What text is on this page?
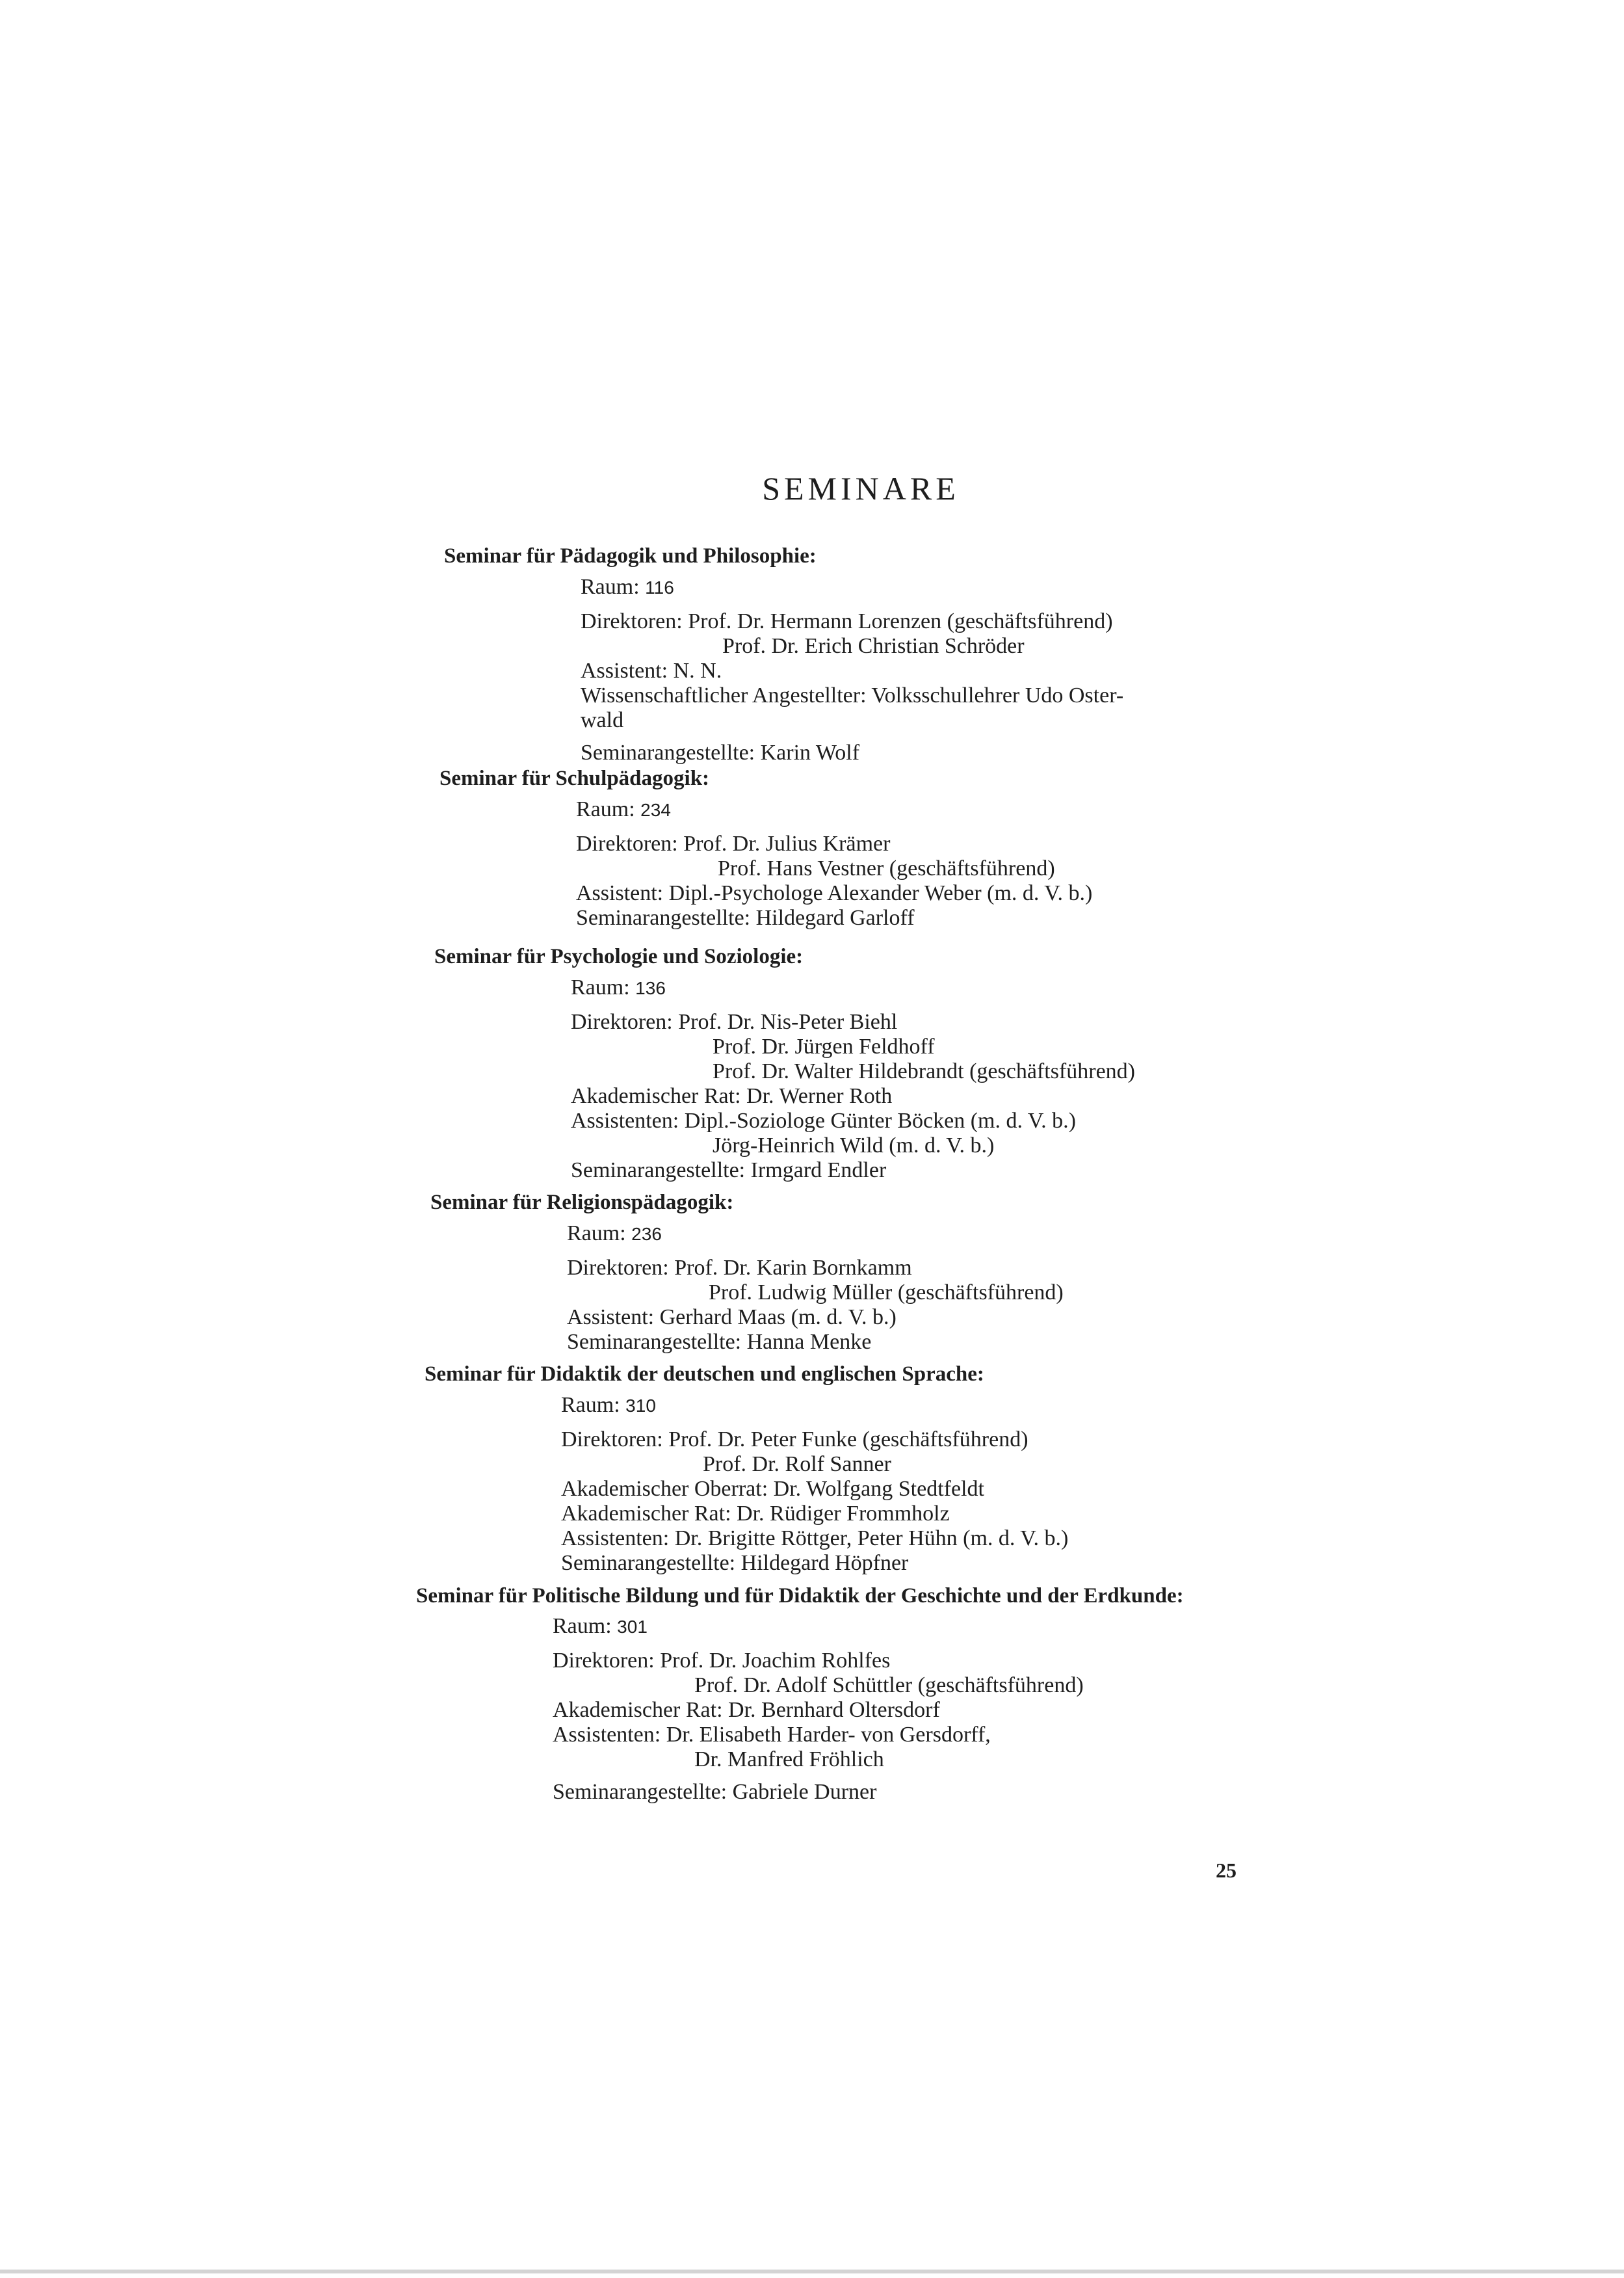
SEMINARE
Seminar für Pädagogik und Philosophie:
Raum: 116
Direktoren: Prof. Dr. Hermann Lorenzen (geschäftsführend)
Prof. Dr. Erich Christian Schröder
Assistent: N. N.
Wissenschaftlicher Angestellter: Volksschullehrer Udo Oster-
wald
Seminarangestellte: Karin Wolf
Seminar für Schulpädagogik:
Raum: 234
Direktoren: Prof. Dr. Julius Krämer
Prof. Hans Vestner (geschäftsführend)
Assistent: Dipl.-Psychologe Alexander Weber (m. d. V. b.)
Seminarangestellte: Hildegard Garloff
Seminar für Psychologie und Soziologie:
Raum: 136
Direktoren: Prof. Dr. Nis-Peter Biehl
Prof. Dr. Jürgen Feldhoff
Prof. Dr. Walter Hildebrandt (geschäftsführend)
Akademischer Rat: Dr. Werner Roth
Assistenten: Dipl.-Soziologe Günter Böcken (m. d. V. b.)
Jörg-Heinrich Wild (m. d. V. b.)
Seminarangestellte: Irmgard Endler
Seminar für Religionspädagogik:
Raum: 236
Direktoren: Prof. Dr. Karin Bornkamm
Prof. Ludwig Müller (geschäftsführend)
Assistent: Gerhard Maas (m. d. V. b.)
Seminarangestellte: Hanna Menke
Seminar für Didaktik der deutschen und englischen Sprache:
Raum: 310
Direktoren: Prof. Dr. Peter Funke (geschäftsführend)
Prof. Dr. Rolf Sanner
Akademischer Oberrat: Dr. Wolfgang Stedtfeldt
Akademischer Rat: Dr. Rüdiger Frommholz
Assistenten: Dr. Brigitte Röttger, Peter Hühn (m. d. V. b.)
Seminarangestellte: Hildegard Höpfner
Seminar für Politische Bildung und für Didaktik der Geschichte und der Erdkunde:
Raum: 301
Direktoren: Prof. Dr. Joachim Rohlfes
Prof. Dr. Adolf Schüttler (geschäftsführend)
Akademischer Rat: Dr. Bernhard Oltersdorf
Assistenten: Dr. Elisabeth Harder- von Gersdorff,
Dr. Manfred Fröhlich
Seminarangestellte: Gabriele Durner
25
